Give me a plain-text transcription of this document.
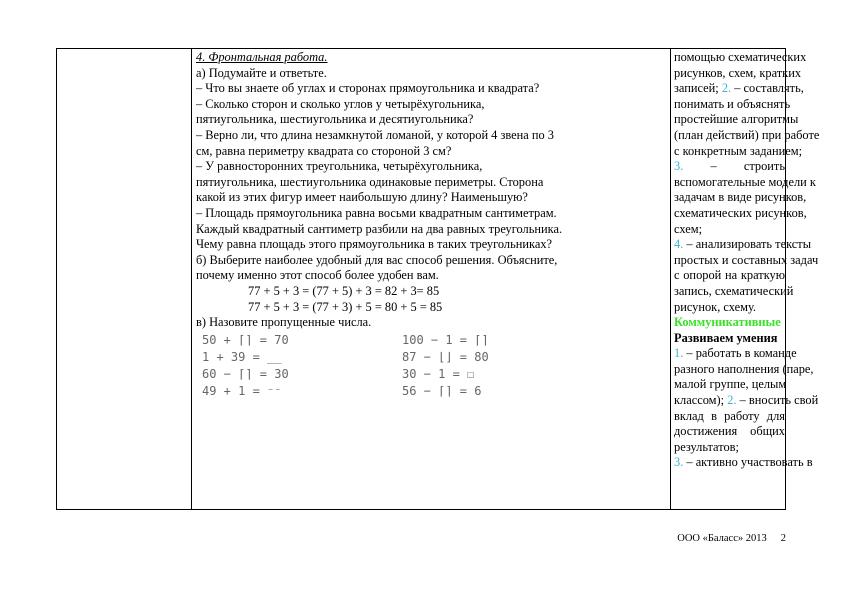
4. Фронтальная работа.
а) Подумайте и ответьте.
– Что вы знаете об углах и сторонах прямоугольника и квадрата?
– Сколько сторон и сколько углов у четырёхугольника,
пятиугольника, шестиугольника и десятиугольника?
– Верно ли, что длина незамкнутой ломаной, у которой 4 звена по 3
см, равна периметру квадрата со стороной 3 см?
– У равносторонних треугольника, четырёхугольника,
пятиугольника, шестиугольника одинаковые периметры. Сторона
какой из этих фигур имеет наибольшую длину? Наименьшую?
– Площадь прямоугольника равна восьми квадратным сантиметрам.
Каждый квадратный сантиметр разбили на два равных треугольника.
Чему равна площадь этого прямоугольника в таких треугольниках?
б) Выберите наиболее удобный для вас способ решения. Объясните,
почему именно этот способ более удобен вам.
77 + 5 + 3 = (77 + 5) + 3 = 82 + 3= 85
77 + 5 + 3 = (77 + 3) + 5 = 80 + 5 = 85
в) Назовите пропущенные числа.
50 + ⌈⌉ = 70	100 − 1 = ⌈⌉
1 + 39 = __	87 − ⌊⌋ = 80
60 − ⌈⌉ = 30	30 − 1 = ☐
49 + 1 = ⁻⁻	56 − ⌈⌉ = 6
помощью схематических
рисунков, схем, кратких
записей; 2. – составлять,
понимать и объяснять
простейшие алгоритмы
(план действий) при работе
с конкретным заданием;
3. – строить
вспомогательные модели к
задачам в виде рисунков,
схематических рисунков,
схем;
4. – анализировать тексты
простых и составных задач
с опорой на краткую
запись, схематический
рисунок, схему.
Коммуникативные
Развиваем умения
1. – работать в команде
разного наполнения (паре,
малой группе, целым
классом); 2. – вносить свой
вклад в работу для
достижения общих
результатов;
3. – активно участвовать в
ООО «Баласс» 2013 2
